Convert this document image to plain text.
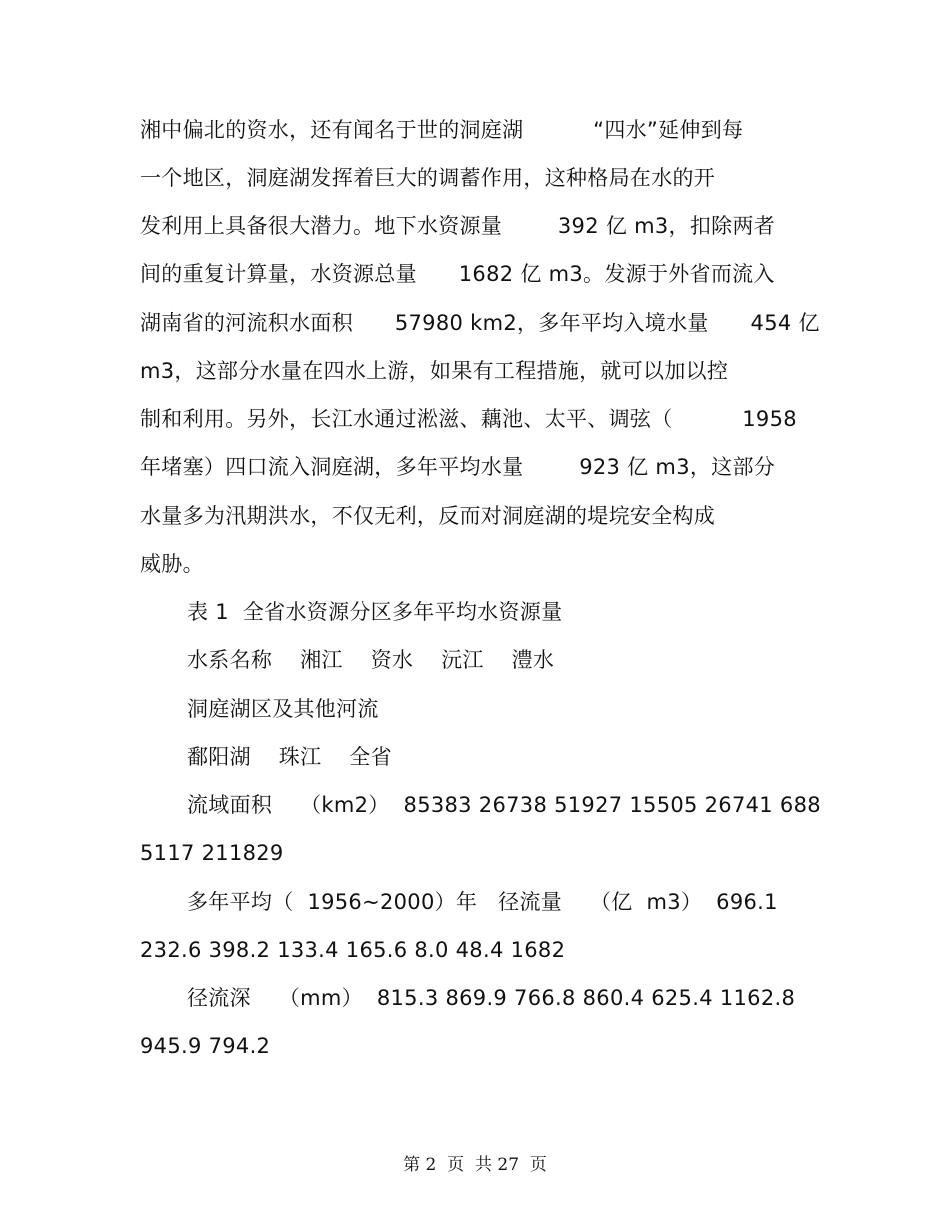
湘中偏北的资水，还有闻名于世的洞庭湖          “四水”延伸到每
一个地区，洞庭湖发挥着巨大的调蓄作用，这种格局在水的开
发利用上具备很大潜力。地下水资源量        392 亿 m3，扣除两者
间的重复计算量，水资源总量      1682 亿 m3。发源于外省而流入
湖南省的河流积水面积      57980 km2，多年平均入境水量      454 亿
m3，这部分水量在四水上游，如果有工程措施，就可以加以控
制和利用。另外，长江水通过淞滋、藕池、太平、调弦（          1958
年堵塞）四口流入洞庭湖，多年平均水量        923 亿 m3，这部分
水量多为汛期洪水，不仅无利，反而对洞庭湖的堤垸安全构成
威胁。
表 1  全省水资源分区多年平均水资源量
水系名称    湘江    资水    沅江    澧水
洞庭湖区及其他河流
鄱阳湖    珠江    全省
流域面积    （km2）  85383 26738 51927 15505 26741 688
5117 211829
多年平均（  1956~2000）年   径流量    （亿  m3）  696.1
232.6 398.2 133.4 165.6 8.0 48.4 1682
径流深    （mm）  815.3 869.9 766.8 860.4 625.4 1162.8
945.9 794.2
第 2  页  共 27  页
